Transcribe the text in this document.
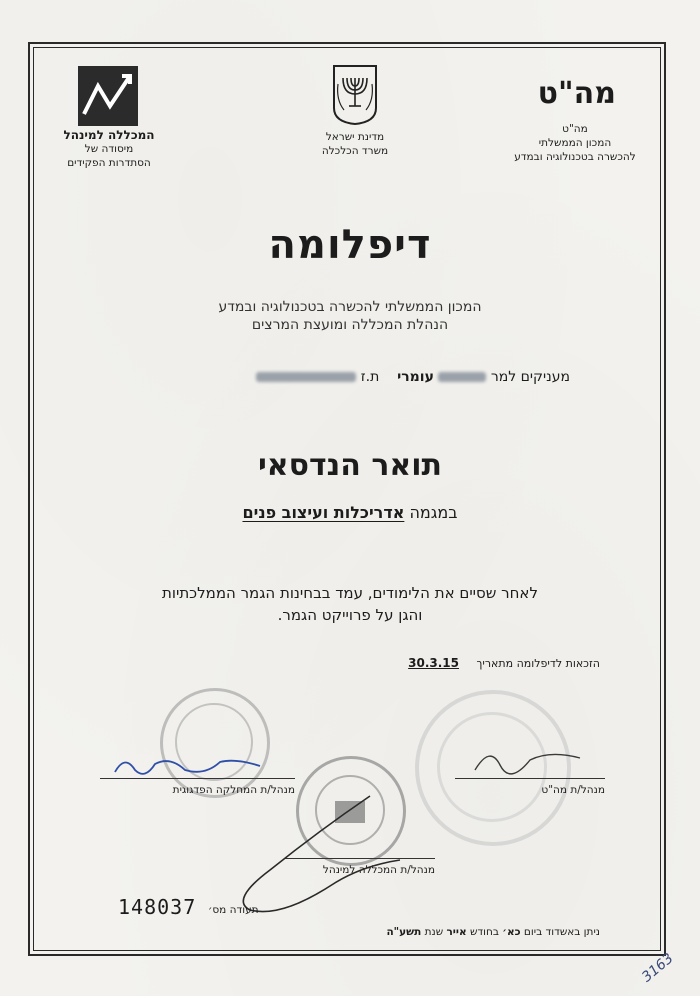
המכללה למינהל
מיסודה של
הסתדרות הפקידים
מדינת ישראל
משרד הכלכלה
מה"ט
מה"ט
המכון הממשלתי
להכשרה בטכנולוגיה ובמדע
דיפלומה
המכון הממשלתי להכשרה בטכנולוגיה ובמדע
הנהלת המכללה ומועצת המרצים
מעניקים למר  עומרי    ת.ז
תואר הנדסאי
במגמה אדריכלות ועיצוב פנים
לאחר שסיים את הלימודים, עמד בבחינות הגמר הממלכתיות
והגן על פרוייקט הגמר.
הזכאות לדיפלומה מתאריך     30.3.15
מנהל/ת מה"ט
מנהל/ת המחלקה הפדגוגית
מנהל/ת המכללה למינהל
148037 תעודה מס׳
ניתן באשדוד ביום כא׳ בחודש אייר שנת תשע"ה
3163
